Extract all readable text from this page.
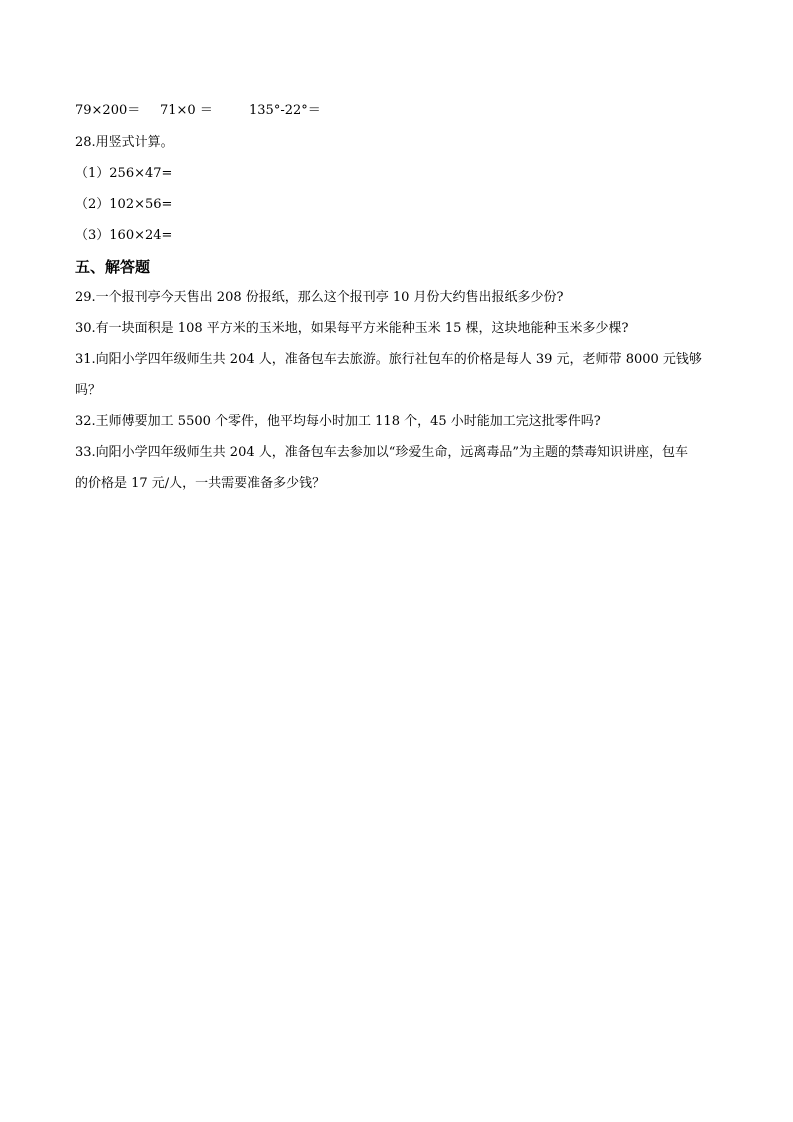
79×200＝ 71×0 ＝	135°-22°＝
28.用竖式计算。
（1）256×47=
（2）102×56=
（3）160×24=
五、解答题
29.一个报刊亭今天售出 208 份报纸，那么这个报刊亭 10 月份大约售出报纸多少份?
30.有一块面积是 108 平方米的玉米地，如果每平方米能种玉米 15 棵，这块地能种玉米多少棵?
31.向阳小学四年级师生共 204 人，准备包车去旅游。旅行社包车的价格是每人 39 元，老师带 8000 元钱够
吗？
32.王师傅要加工 5500 个零件，他平均每小时加工 118 个，45 小时能加工完这批零件吗?
33.向阳小学四年级师生共 204 人，准备包车去参加以“珍爱生命，远离毒品”为主题的禁毒知识讲座，包车
的价格是 17 元/人，一共需要准备多少钱？
